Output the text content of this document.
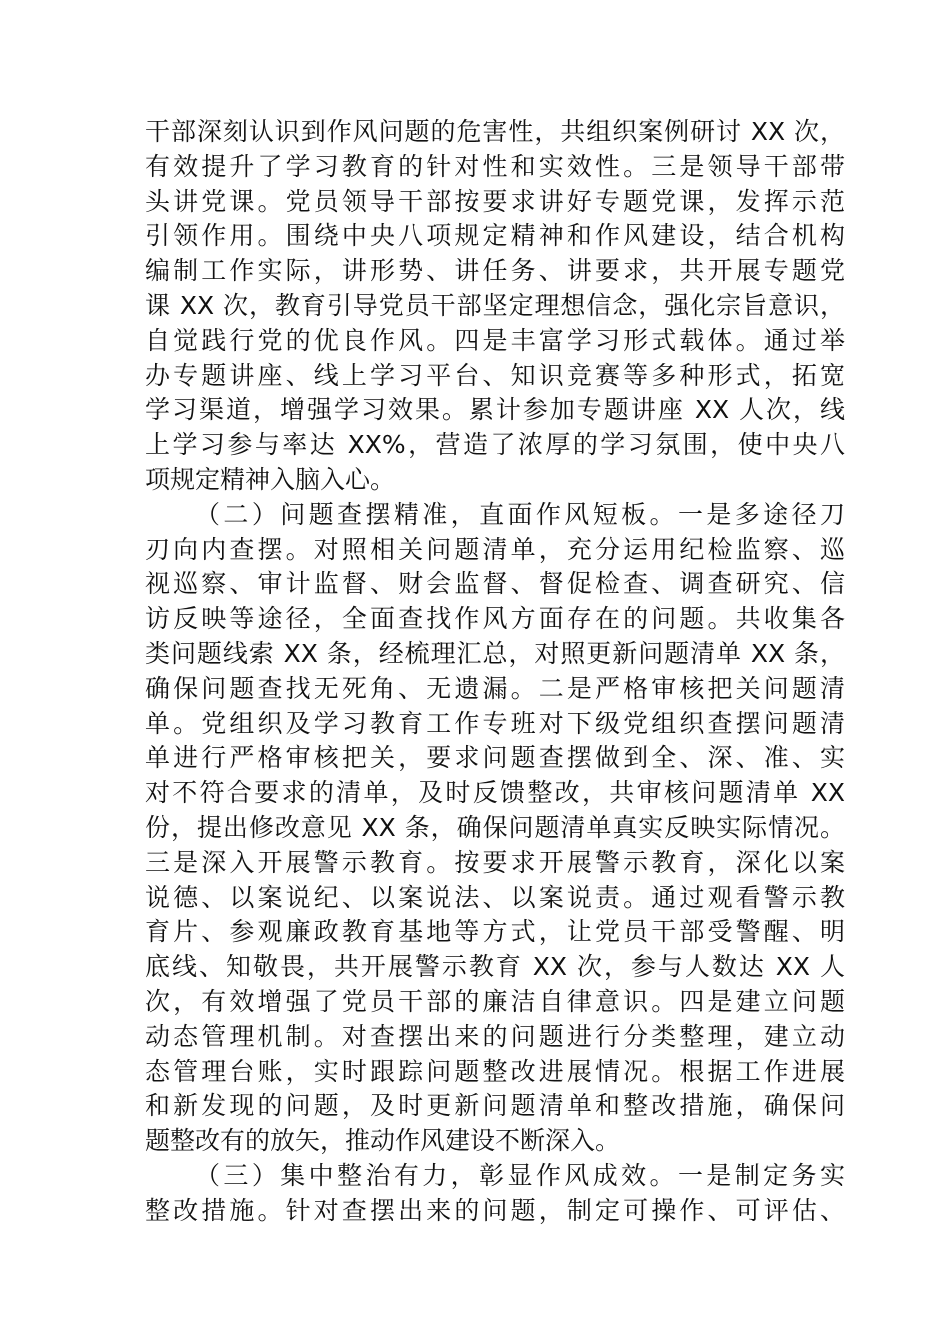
干部深刻认识到作风问题的危害性，共组织案例研讨 XX 次，
有效提升了学习教育的针对性和实效性。三是领导干部带
头讲党课。党员领导干部按要求讲好专题党课，发挥示范
引领作用。围绕中央八项规定精神和作风建设，结合机构
编制工作实际，讲形势、讲任务、讲要求，共开展专题党
课 XX 次，教育引导党员干部坚定理想信念，强化宗旨意识，
自觉践行党的优良作风。四是丰富学习形式载体。通过举
办专题讲座、线上学习平台、知识竞赛等多种形式，拓宽
学习渠道，增强学习效果。累计参加专题讲座 XX 人次，线
上学习参与率达 XX%，营造了浓厚的学习氛围，使中央八
项规定精神入脑入心。
（二）问题查摆精准，直面作风短板。一是多途径刀
刃向内查摆。对照相关问题清单，充分运用纪检监察、巡
视巡察、审计监督、财会监督、督促检查、调查研究、信
访反映等途径，全面查找作风方面存在的问题。共收集各
类问题线索 XX 条，经梳理汇总，对照更新问题清单 XX 条，
确保问题查找无死角、无遗漏。二是严格审核把关问题清
单。党组织及学习教育工作专班对下级党组织查摆问题清
单进行严格审核把关，要求问题查摆做到全、深、准、实
对不符合要求的清单，及时反馈整改，共审核问题清单 XX
份，提出修改意见 XX 条，确保问题清单真实反映实际情况。
三是深入开展警示教育。按要求开展警示教育，深化以案
说德、以案说纪、以案说法、以案说责。通过观看警示教
育片、参观廉政教育基地等方式，让党员干部受警醒、明
底线、知敬畏，共开展警示教育 XX 次，参与人数达 XX 人
次，有效增强了党员干部的廉洁自律意识。四是建立问题
动态管理机制。对查摆出来的问题进行分类整理，建立动
态管理台账，实时跟踪问题整改进展情况。根据工作进展
和新发现的问题，及时更新问题清单和整改措施，确保问
题整改有的放矢，推动作风建设不断深入。
（三）集中整治有力，彰显作风成效。一是制定务实
整改措施。针对查摆出来的问题，制定可操作、可评估、
